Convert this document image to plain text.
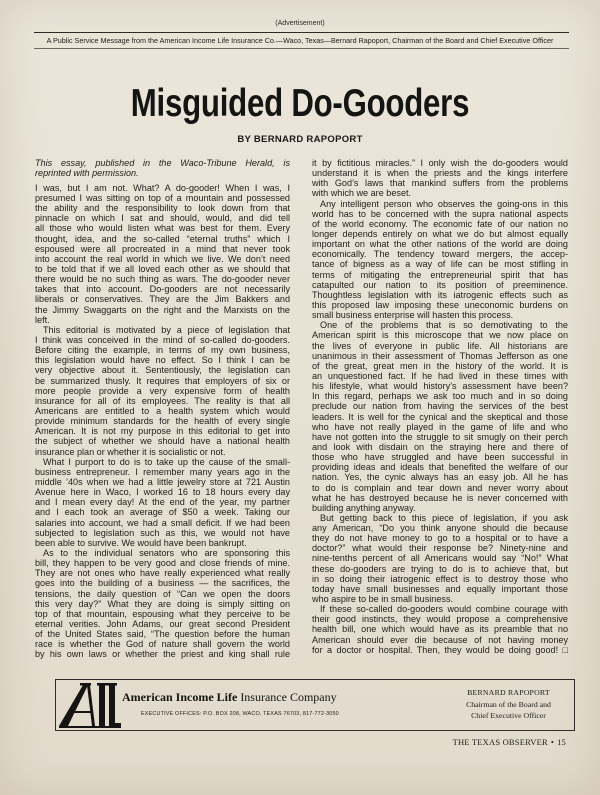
(Advertisement)
A Public Service Message from the American Income Life Insurance Co.—Waco, Texas—Bernard Rapoport, Chairman of the Board and Chief Executive Officer
Misguided Do-Gooders
BY BERNARD RAPOPORT
This essay, published in the Waco-Tribune Herald, is
reprinted with permission.
I was, but I am not. What? A do-gooder! When I was, I
presumed I was sitting on top of a mountain and possessed
the ability and the responsibility to look down from that
pinnacle on which I sat and should, would, and did tell
all those who would listen what was best for them. Every
thought, idea, and the so-called “eternal truths” which I
espoused were all procreated in a mind that never took
into account the real world in which we live. We don’t need
to be told that if we all loved each other as we should that
there would be no such thing as wars. The do-gooder never
takes that into account. Do-gooders are not necessarily
liberals or conservatives. They are the Jim Bakkers and
the Jimmy Swaggarts on the right and the Marxists on the
left.
This editorial is motivated by a piece of legislation that
I think was conceived in the mind of so-called do-gooders.
Before citing the example, in terms of my own business,
this legislation would have no effect. So I think I can be
very objective about it. Sententiously, the legislation can
be summarized thusly. It requires that employers of six or
more people provide a very expensive form of health
insurance for all of its employees. The reality is that all
Americans are entitled to a health system which would
provide minimum standards for the health of every single
American. It is not my purpose in this editorial to get into
the subject of whether we should have a national health
insurance plan or whether it is socialistic or not.
What I purport to do is to take up the cause of the small-
business entrepreneur. I remember many years ago in the
middle ’40s when we had a little jewelry store at 721 Austin
Avenue here in Waco, I worked 16 to 18 hours every day
and I mean every day! At the end of the year, my partner
and I each took an average of $50 a week. Taking our
salaries into account, we had a small deficit. If we had been
subjected to legislation such as this, we would not have
been able to survive. We would have been bankrupt.
As to the individual senators who are sponsoring this
bill, they happen to be very good and close friends of mine.
They are not ones who have really experienced what really
goes into the building of a business — the sacrifices, the
tensions, the daily question of “Can we open the doors
this very day?” What they are doing is simply sitting on
top of that mountain, espousing what they perceive to be
eternal verities. John Adams, our great second President
of the United States said, “The question before the human
race is whether the God of nature shall govern the world
by his own laws or whether the priest and king shall rule
it by fictitious miracles.” I only wish the do-gooders would
understand it is when the priests and the kings interfere
with God’s laws that mankind suffers from the problems
with which we are beset.
Any intelligent person who observes the going-ons in this
world has to be concerned with the supra national aspects
of the world economy. The economic fate of our nation no
longer depends entirely on what we do but almost equally
important on what the other nations of the world are doing
economically. The tendency toward mergers, the accep-
tance of bigness as a way of life can be most stifling in
terms of mitigating the entrepreneurial spirit that has
catapulted our nation to its position of preeminence.
Thoughtless legislation with its iatrogenic effects such as
this proposed law imposing these uneconomic burdens on
small business enterprise will hasten this process.
One of the problems that is so demotivating to the
American spirit is this microscope that we now place on
the lives of everyone in public life. All historians are
unanimous in their assessment of Thomas Jefferson as one
of the great, great men in the history of the world. It is
an unquestioned fact. If he had lived in these times with
his lifestyle, what would history’s assessment have been?
In this regard, perhaps we ask too much and in so doing
preclude our nation from having the services of the best
leaders. It is well for the cynical and the skeptical and those
who have not really played in the game of life and who
have not gotten into the struggle to sit smugly on their perch
and look with disdain on the straying here and there of
those who have struggled and have been successful in
providing ideas and ideals that benefited the welfare of our
nation. Yes, the cynic always has an easy job. All he has
to do is complain and tear down and never worry about
what he has destroyed because he is never concerned with
building anything anyway.
But getting back to this piece of legislation, if you ask
any American, “Do you think anyone should die because
they do not have money to go to a hospital or to have a
doctor?” what would their response be? Ninety-nine and
nine-tenths percent of all Americans would say “No!” What
these do-gooders are trying to do is to achieve that, but
in so doing their iatrogenic effect is to destroy those who
today have small businesses and equally important those
who aspire to be in small business.
If these so-called do-gooders would combine courage with
their good instincts, they would propose a comprehensive
health bill, one which would have as its preamble that no
American should ever die because of not having money
for a doctor or hospital. Then, they would be doing good! □
American Income Life Insurance Company
EXECUTIVE OFFICES: P.O. BOX 208, WACO, TEXAS 76703, 817-772-3050
BERNARD RAPOPORT
Chairman of the Board and
Chief Executive Officer
THE TEXAS OBSERVER • 15
